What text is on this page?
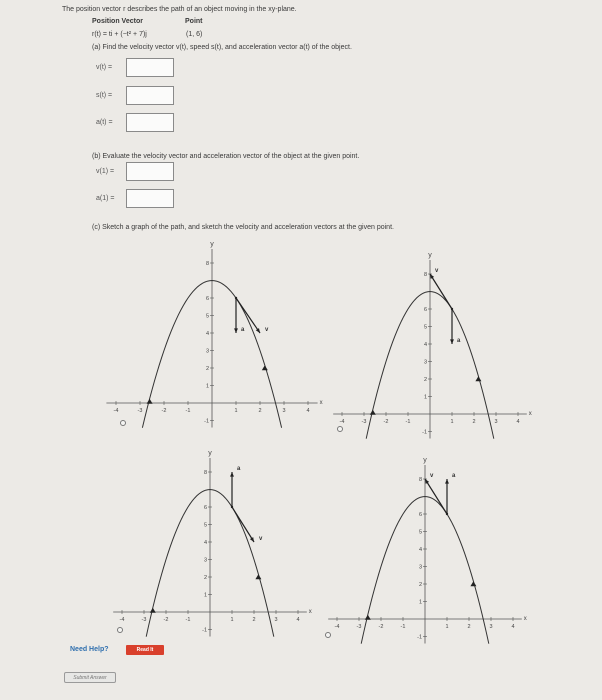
The position vector r describes the path of an object moving in the xy-plane.
Position Vector	Point
r(t) = ti + (−t² + 7)j	(1, 6)
(a) Find the velocity vector v(t), speed s(t), and acceleration vector a(t) of the object.
v(t) =
s(t) =
a(t) =
(b) Evaluate the velocity vector and acceleration vector of the object at the given point.
v(1) =
a(1) =
(c) Sketch a graph of the path, and sketch the velocity and acceleration vectors at the given point.
-4	-3	-2	-1	1	2	3	4
-1
1
2
3
4
5
6
8
x
y
v
a
-4	-3	-2	-1	1	2	3	4
-1
1
2
3
4
5
6
8
x
y
v
a
-4	-3	-2	-1	1	2	3	4
-1
1
2
3
4
5
6
8
x
y
v
a
-4	-3	-2	-1	1	2	3	4
-1
1
2
3
4
5
6
8
x
y
v	a
Need Help?	Read It
Submit Answer
